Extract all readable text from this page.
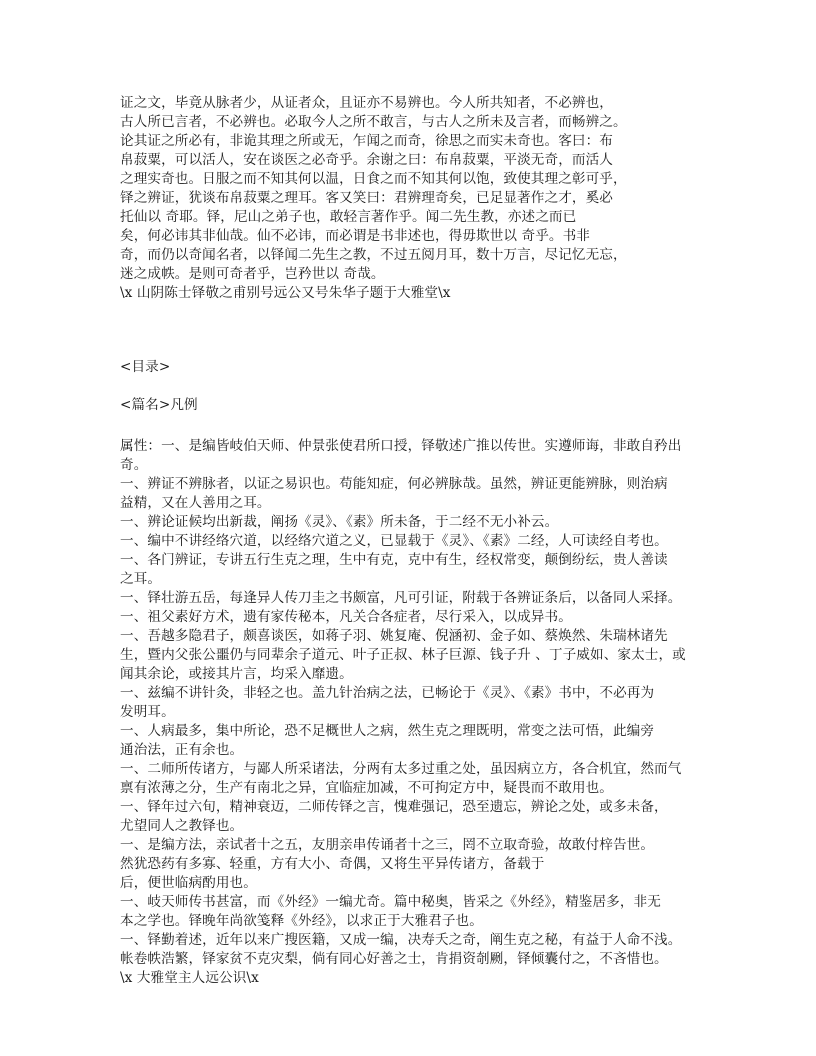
证之文，毕竟从脉者少，从证者众，且证亦不易辨也。今人所共知者，不必辨也，
古人所已言者，不必辨也。必取今人之所不敢言，与古人之所未及言者，而畅辨之。
论其证之所必有，非诡其理之所或无，乍闻之而奇，徐思之而实未奇也。客曰：布
帛菽粟，可以活人，安在谈医之必奇乎。余谢之曰：布帛菽粟，平淡无奇，而活人
之理实奇也。日服之而不知其何以温，日食之而不知其何以饱，致使其理之彰可乎，
铎之辨证，犹谈布帛菽粟之理耳。客又笑曰：君辨理奇矣，已足显著作之才，奚必
托仙以 奇耶。铎，尼山之弟子也，敢轻言著作乎。闻二先生教，亦述之而已
矣，何必讳其非仙哉。仙不必讳，而必谓是书非述也，得毋欺世以 奇乎。书非
奇，而仍以奇闻名者，以铎闻二先生之教，不过五阅月耳，数十万言，尽记忆无忘，
迷之成帙。是则可奇者乎，岂矜世以 奇哉。
\x 山阴陈士铎敬之甫别号远公又号朱华子题于大雅堂\x
<目录>
<篇名>凡例
属性：一、是编皆岐伯天师、仲景张使君所口授，铎敬述广推以传世。实遵师诲，非敢自矜出
奇。
一、辨证不辨脉者，以证之易识也。苟能知症，何必辨脉哉。虽然，辨证更能辨脉，则治病
益精，又在人善用之耳。
一、辨论证候均出新裁，阐扬《灵》、《素》所未备，于二经不无小补云。
一、编中不讲经络穴道，以经络穴道之义，已显载于《灵》、《素》二经，人可读经自考也。
一、各门辨证，专讲五行生克之理，生中有克，克中有生，经权常变，颠倒纷纭，贵人善读
之耳。
一、铎壮游五岳，每逢异人传刀圭之书颇富，凡可引证，附载于各辨证条后，以备同人采择。
一、祖父素好方术，遗有家传秘本，凡关合各症者，尽行采入，以成异书。
一、吾越多隐君子，颇喜谈医，如蒋子羽、姚复庵、倪涵初、金子如、蔡焕然、朱瑞林诸先
生，暨内父张公噩仍与同辈余子道元、叶子正叔、林子巨源、钱子升 、丁子威如、家太士，或
闻其余论，或接其片言，均采入靡遗。
一、兹编不讲针灸，非轻之也。盖九针治病之法，已畅论于《灵》、《素》书中，不必再为
发明耳。
一、人病最多，集中所论，恐不足概世人之病，然生克之理既明，常变之法可悟，此编旁
通治法，正有余也。
一、二师所传诸方，与鄙人所采诸法，分两有太多过重之处，虽因病立方，各合机宜，然而气
禀有浓薄之分，生产有南北之异，宜临症加减，不可拘定方中，疑畏而不敢用也。
一、铎年过六旬，精神衰迈，二师传铎之言，愧难强记，恐至遗忘，辨论之处，或多未备，
尤望同人之教铎也。
一、是编方法，亲试者十之五，友朋亲串传诵者十之三，罔不立取奇验，故敢付梓告世。
然犹恐药有多寡、轻重，方有大小、奇偶，又将生平异传诸方，备载于
后，便世临病酌用也。
一、岐天师传书甚富，而《外经》一编尤奇。篇中秘奥，皆采之《外经》，精鉴居多，非无
本之学也。铎晚年尚欲笺释《外经》，以求正于大雅君子也。
一、铎勤着述，近年以来广搜医籍，又成一编，决寿夭之奇，阐生克之秘，有益于人命不浅。
帐卷帙浩繁，铎家贫不克灾梨，倘有同心好善之士，肯捐资剞劂，铎倾囊付之，不吝惜也。
\x 大雅堂主人远公识\x
